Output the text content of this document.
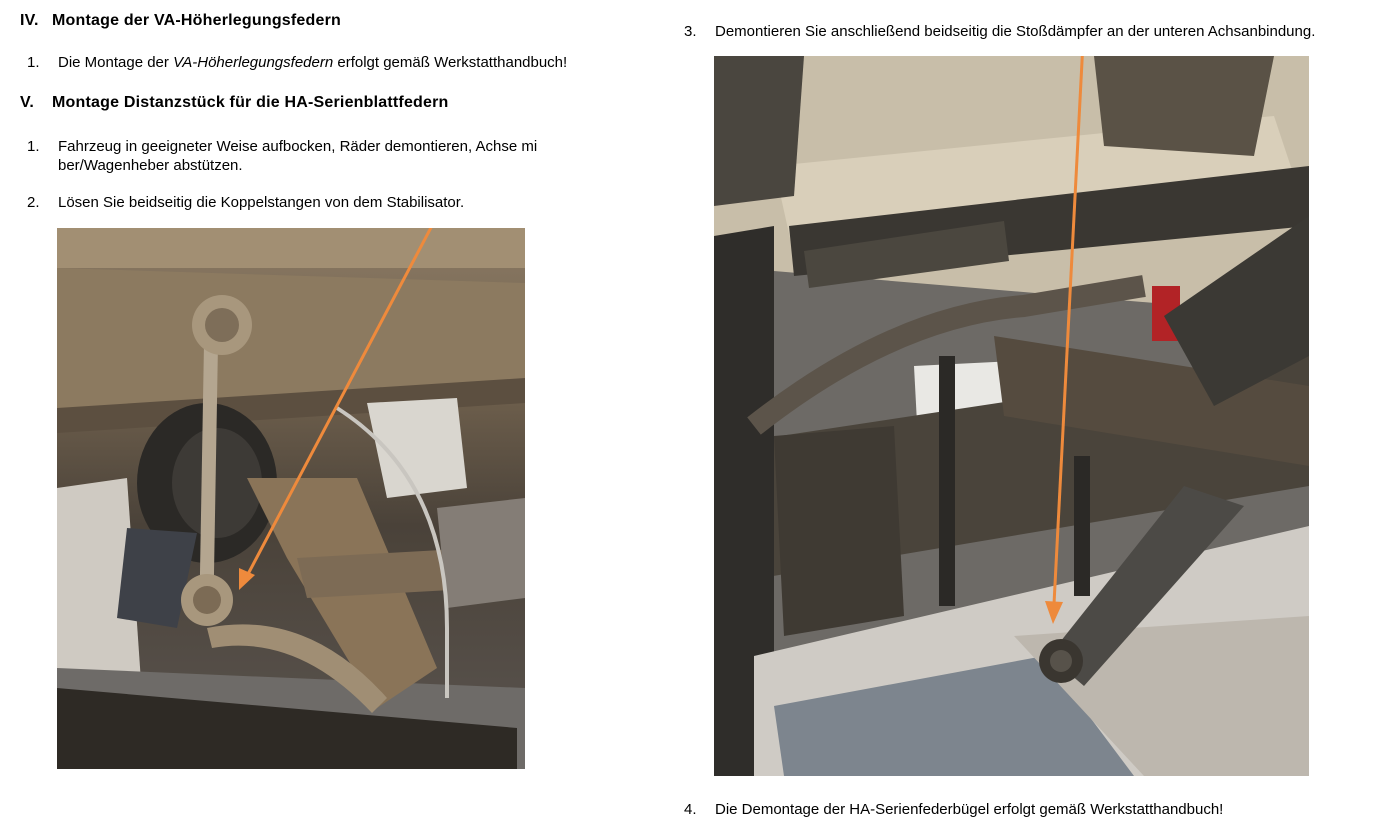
IV. Montage der VA-Höherlegungsfedern
1. Die Montage der VA-Höherlegungsfedern erfolgt gemäß Werkstatthandbuch!
V. Montage Distanzstück für die HA-Serienblattfedern
1. Fahrzeug in geeigneter Weise aufbocken, Räder demontieren, Achse mi
ber/Wagenheber abstützen.
2. Lösen Sie beidseitig die Koppelstangen von dem Stabilisator.
3. Demontieren Sie anschließend beidseitig die Stoßdämpfer an der unteren Achsanbindung.
4. Die Demontage der HA-Serienfederbügel erfolgt gemäß Werkstatthandbuch!
